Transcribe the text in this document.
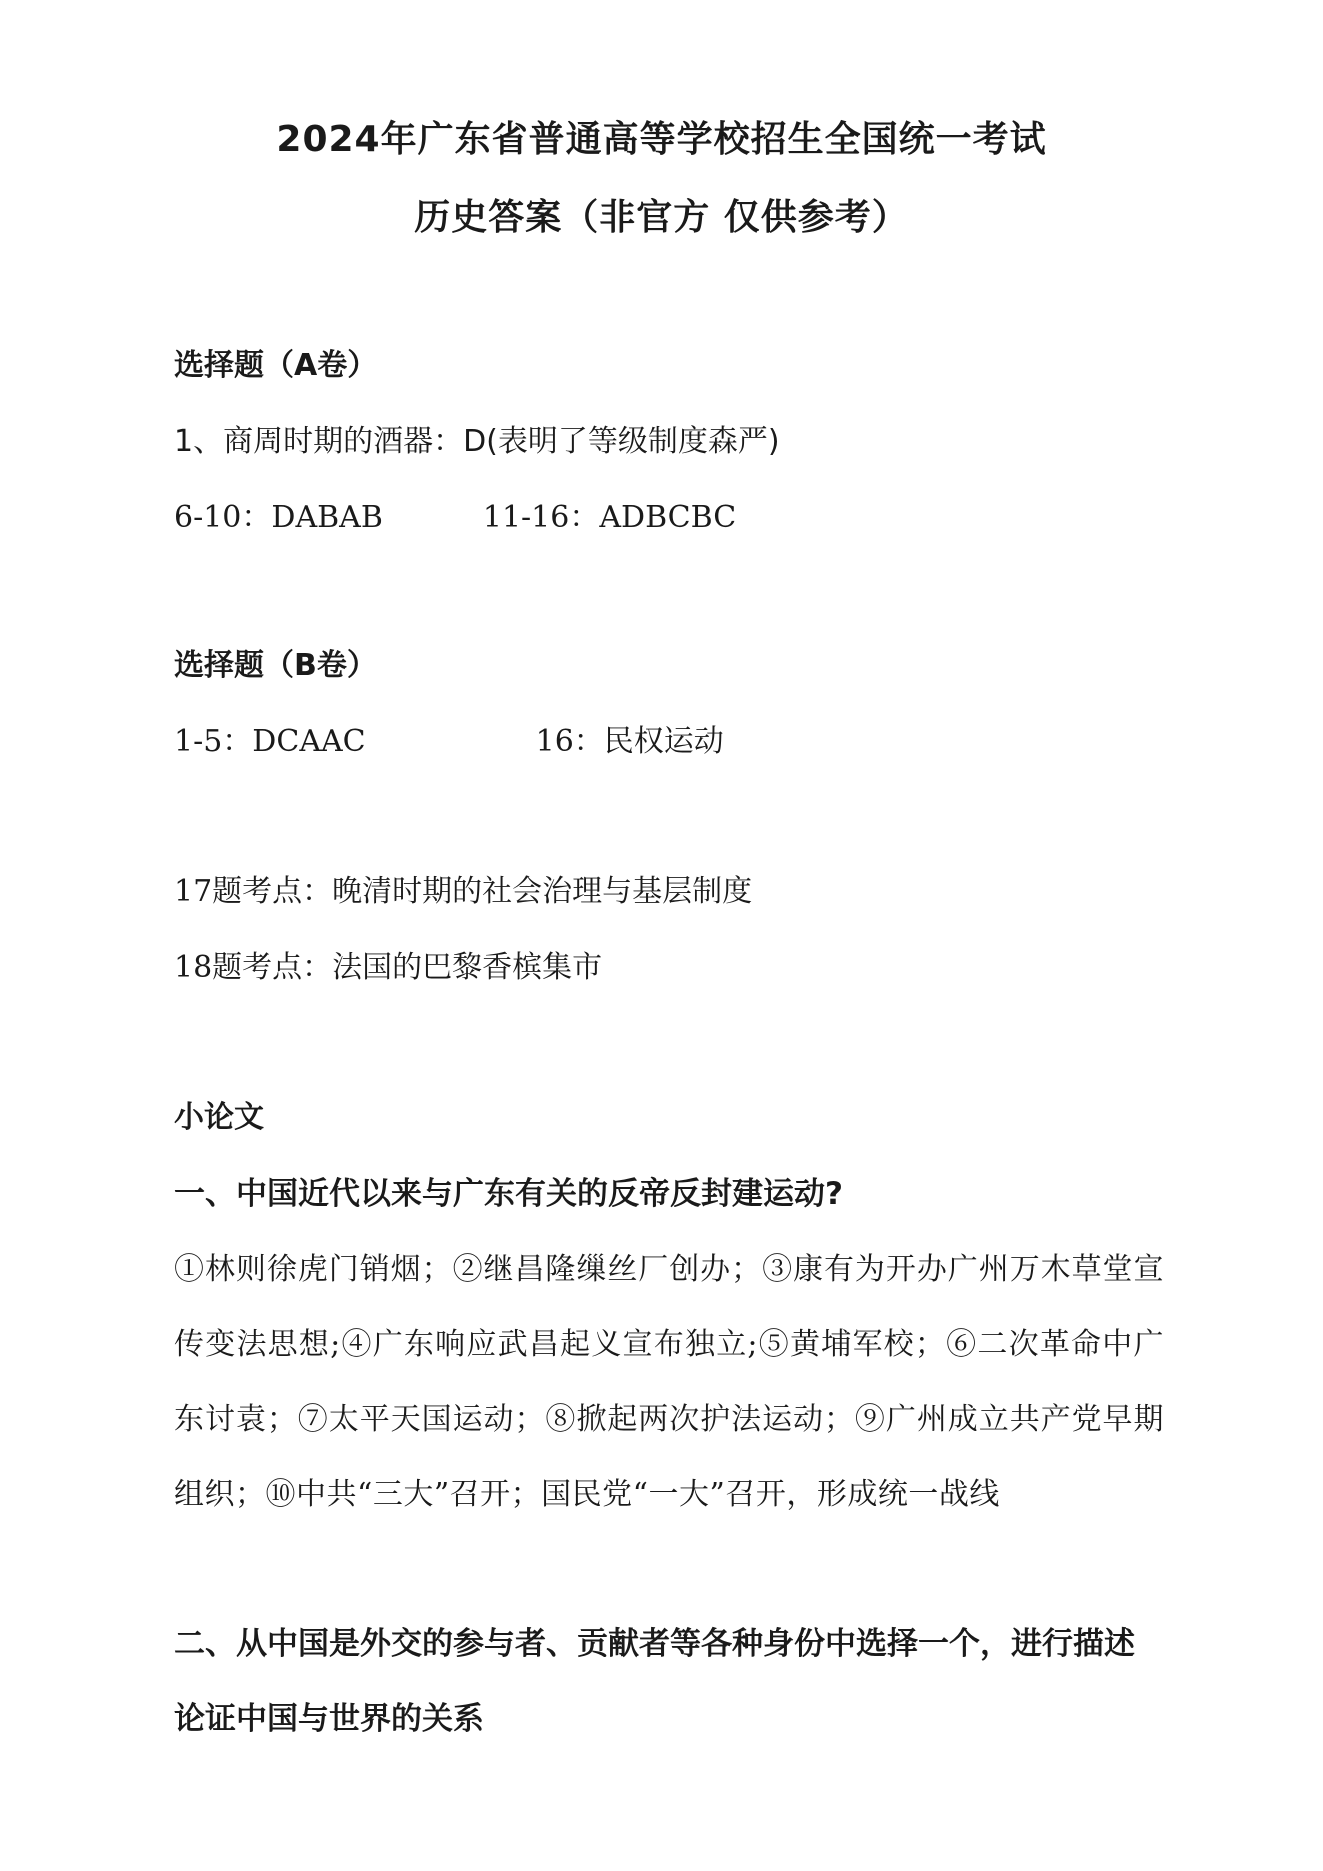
2024年广东省普通高等学校招生全国统一考试
历史答案（非官方 仅供参考）
选择题（A卷）
1、商周时期的酒器：D(表明了等级制度森严)
6-10：DABAB	11-16：ADBCBC
选择题（B卷）
1-5：DCAAC	16：民权运动
17题考点：晚清时期的社会治理与基层制度
18题考点：法国的巴黎香槟集市
小论文
一、中国近代以来与广东有关的反帝反封建运动?
①林则徐虎门销烟；②继昌隆缫丝厂创办；③康有为开办广州万木草堂宣传变法思想;④广东响应武昌起义宣布独立;⑤黄埔军校；⑥二次革命中广东讨袁；⑦太平天国运动；⑧掀起两次护法运动；⑨广州成立共产党早期组织；⑩中共“三大”召开；国民党“一大”召开，形成统一战线
二、从中国是外交的参与者、贡献者等各种身份中选择一个，进行描述论证中国与世界的关系
